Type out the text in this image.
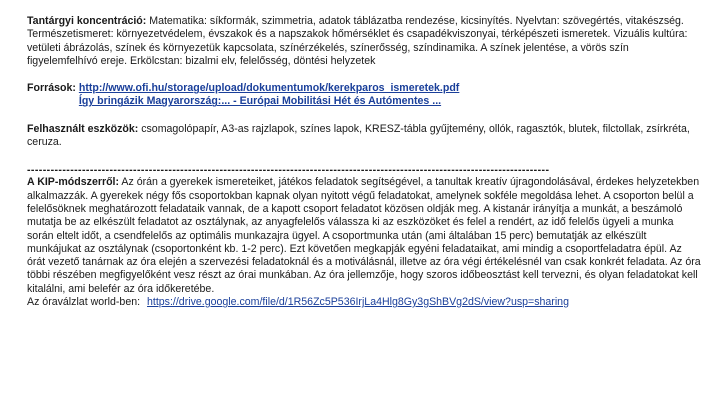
Tantárgyi koncentráció: Matematika: síkformák, szimmetria, adatok táblázatba rendezése, kicsinyítés. Nyelvtan: szövegértés, vitakészség. Természetismeret: környezetvédelem, évszakok és a napszakok hőmérséklet és csapadékviszonyai, térképészeti ismeretek. Vizuális kultúra: vetületi ábrázolás, színek és környezetük kapcsolata, színérzékelés, színerősség, színdinamika. A színek jelentése, a vörös szín figyelemfelhívó ereje. Erkölcstan: bizalmi elv, felelősség, döntési helyzetek

Források: http://www.ofi.hu/storage/upload/dokumentumok/kerekparos_ismeretek.pdf
Így bringázik Magyarország:... - Európai Mobilitási Hét és Autómentes ...

Felhasznált eszközök: csomagolópapír, A3-as rajzlapok, színes lapok, KRESZ-tábla gyűjtemény, ollók, ragasztók, blutek, filctollak, zsírkréta, ceruza.

-------------------------------------------------------------------------------------------------------------------------------------

A KIP-módszerről: Az órán a gyerekek ismereteiket, játékos feladatok segítségével, a tanultak kreatív újragondolásával, érdekes helyzetekben alkalmazzák. A gyerekek négy fős csoportokban kapnak olyan nyitott végű feladatokat, amelynek sokféle megoldása lehet. A csoporton belül a felelősöknek meghatározott feladataik vannak, de a kapott csoport feladatot közösen oldják meg. A kistanár irányítja a munkát, a beszámoló mutatja be az elkészült feladatot az osztálynak, az anyagfelelős válassza ki az eszközöket és felel a rendért, az idő felelős ügyeli a munka során eltelt időt, a csendfelelős az optimális munkazajra ügyel. A csoportmunka után (ami általában 15 perc) bemutatják az elkészült munkájukat az osztálynak (csoportonként kb. 1-2 perc). Ezt követően megkapják egyéni feladataikat, ami mindig a csoportfeladatra épül. Az órát vezető tanárnak az óra elején a szervezési feladatoknál és a motiválásnál, illetve az óra végi értékelésnél van csak konkrét feladata. Az óra többi részében megfigyelőként vesz részt az órai munkában. Az óra jellemzője, hogy szoros időbeosztást kell tervezni, és olyan feladatokat kell kitalálni, ami belefér az óra időkeretébe.
Az óraválzlat world-ben: https://drive.google.com/file/d/1R56Zc5P536IrjLa4Hlg8Gy3gShBVg2dS/view?usp=sharing
